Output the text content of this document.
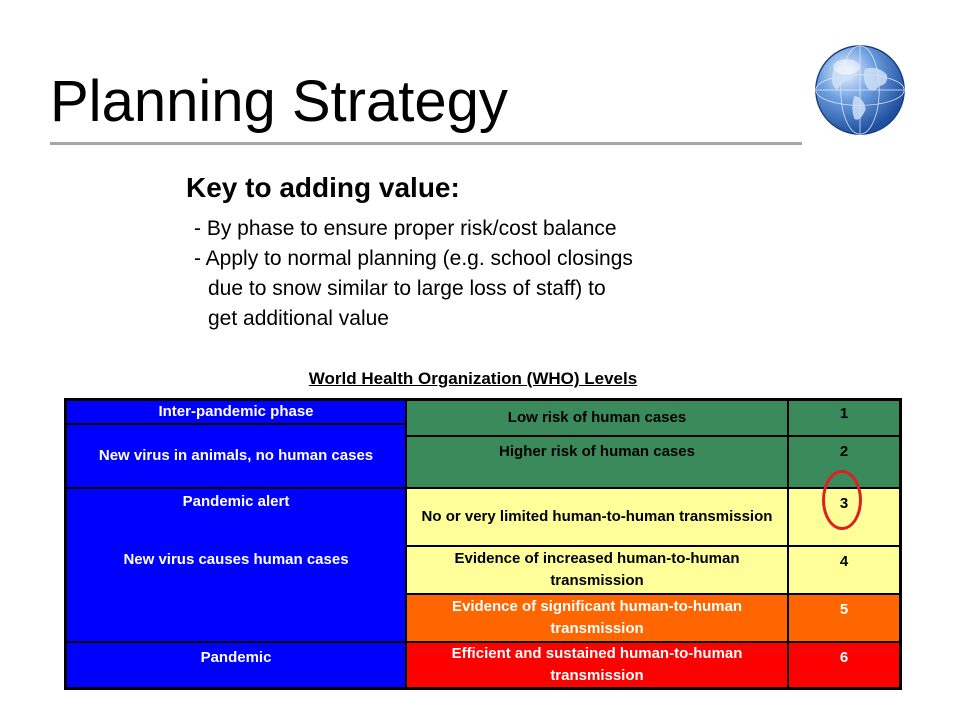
Planning Strategy
Key to adding value:
- By phase to ensure proper risk/cost balance
- Apply to normal planning (e.g. school closings
due to snow similar to large loss of staff) to
get additional value
World Health Organization (WHO) Levels
Inter-pandemic phase
New virus in animals, no human cases
Pandemic alert
New virus causes human cases
Pandemic
Low risk of human cases
Higher risk of human cases
No or very limited human-to-human transmission
Evidence of increased human-to-human transmission
Evidence of significant human-to-human transmission
Efficient and sustained human-to-human transmission
1
2
3
4
5
6
